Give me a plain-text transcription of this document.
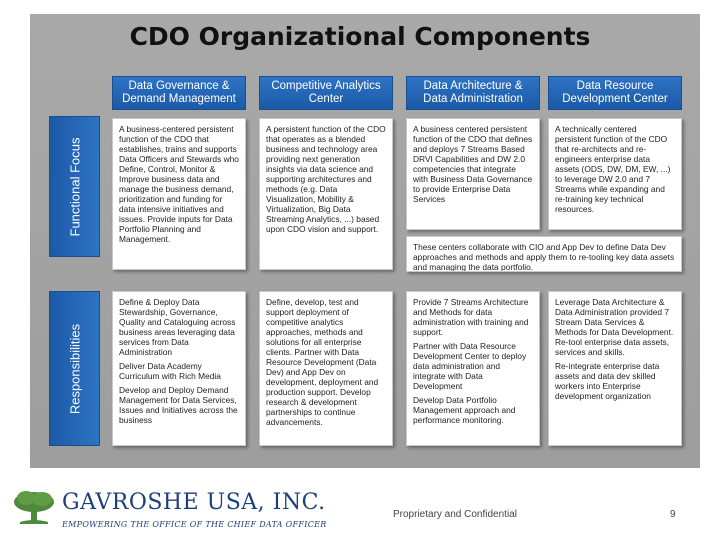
CDO Organizational Components
Data Governance & Demand Management
Competitive Analytics Center
Data Architecture & Data Administration
Data Resource Development Center
Functional Focus
Responsibilities

A business-centered persistent function of the CDO that establishes, trains and supports Data Officers and Stewards who Define, Control, Monitor & Improve business data and manage the business demand, prioritization and funding for data intensive initiatives and issues. Provide inputs for Data Portfolio Planning and Management.

A persistent function of the CDO that operates as a blended business and technology area providing next generation insights via data science and supporting architectures and methods (e.g. Data Visualization, Mobility & Virtualization, Big Data Streaming Analytics, ...) based upon CDO vision and support.

A business centered persistent function of the CDO that defines and deploys 7 Streams Based DRVI Capabilities and DW 2.0 competencies that integrate with Business Data Governance to provide Enterprise Data Services

A technically centered persistent function of the CDO that re-architects and re-engineers enterprise data assets (ODS, DW, DM, EW, ...) to leverage DW 2.0 and 7 Streams while expanding and re-training key technical resources.

These centers collaborate with CIO and App Dev to define Data Dev approaches and methods and apply them to re-tooling key data assets and managing the data portfolio.

Define & Deploy Data Stewardship, Governance, Quality and Cataloguing across business areas leveraging data services from Data Administration

Deliver Data Academy Curriculum with Rich Media

Develop and Deploy Demand Management for Data Services, Issues and Initiatives across the business

Define, develop, test and support deployment of competitive analytics approaches, methods and solutions for all enterprise clients. Partner with Data Resource Development (Data Dev) and App Dev on development, deployment and production support. Develop research & development partnerships to continue advancements.

Provide 7 Streams Architecture and Methods for data administration with training and support.

Partner with Data Resource Development Center to deploy data administration and integrate with Data Development

Develop Data Portfolio Management approach and performance monitoring.

Leverage Data Architecture & Data Administration provided 7 Stream Data Services & Methods for Data Development. Re-tool enterprise data assets, services and skills.

Re-integrate enterprise data assets and data dev skilled workers into Enterprise development organization

GAVROSHE USA, INC.
EMPOWERING THE OFFICE OF THE CHIEF DATA OFFICER
Proprietary and Confidential	9
